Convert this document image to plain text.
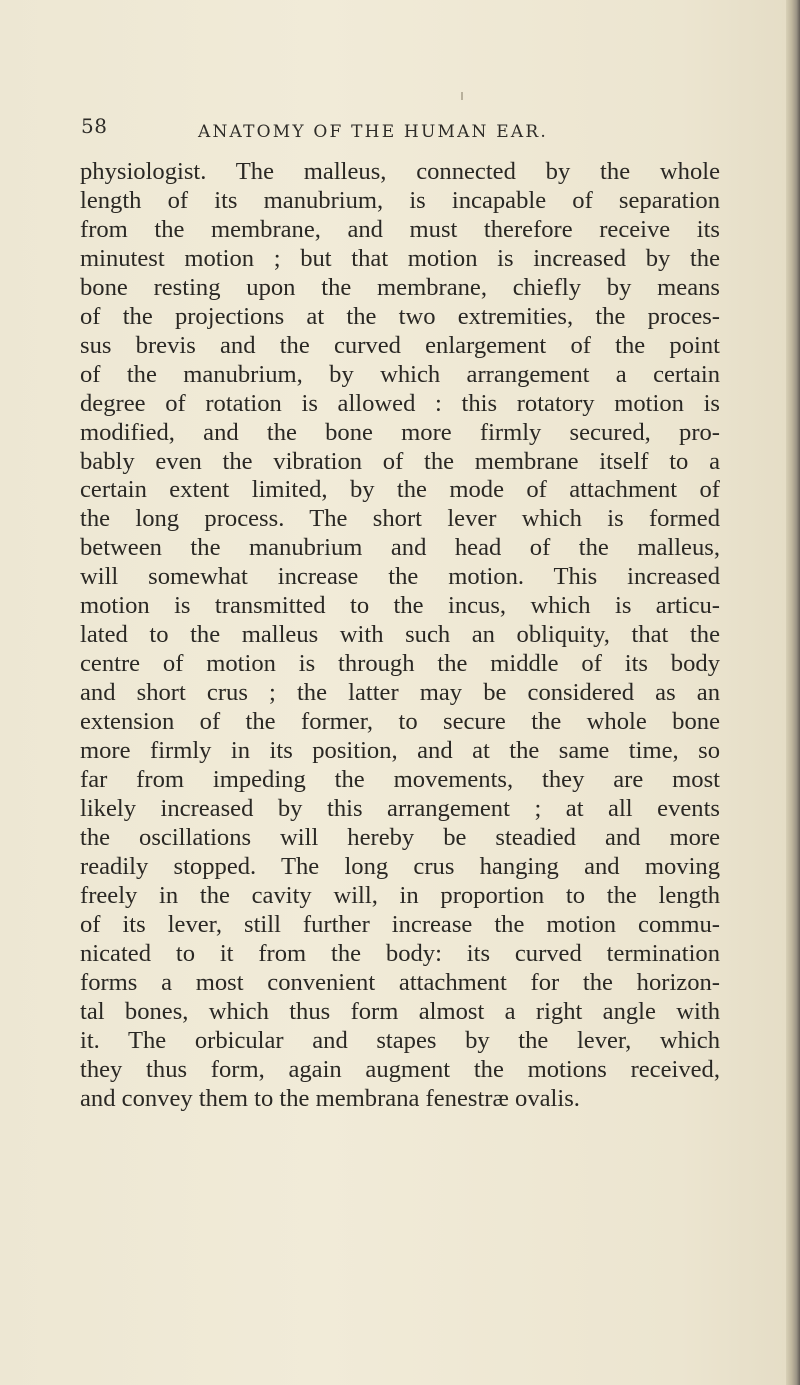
58	ANATOMY OF THE HUMAN EAR.
physiologist. The malleus, connected by the whole
length of its manubrium, is incapable of separation
from the membrane, and must therefore receive its
minutest motion ; but that motion is increased by the
bone resting upon the membrane, chiefly by means
of the projections at the two extremities, the proces-
sus brevis and the curved enlargement of the point
of the manubrium, by which arrangement a certain
degree of rotation is allowed : this rotatory motion is
modified, and the bone more firmly secured, pro-
bably even the vibration of the membrane itself to a
certain extent limited, by the mode of attachment of
the long process. The short lever which is formed
between the manubrium and head of the malleus,
will somewhat increase the motion. This increased
motion is transmitted to the incus, which is articu-
lated to the malleus with such an obliquity, that the
centre of motion is through the middle of its body
and short crus ; the latter may be considered as an
extension of the former, to secure the whole bone
more firmly in its position, and at the same time, so
far from impeding the movements, they are most
likely increased by this arrangement ; at all events
the oscillations will hereby be steadied and more
readily stopped. The long crus hanging and moving
freely in the cavity will, in proportion to the length
of its lever, still further increase the motion commu-
nicated to it from the body: its curved termination
forms a most convenient attachment for the horizon-
tal bones, which thus form almost a right angle with
it. The orbicular and stapes by the lever, which
they thus form, again augment the motions received,
and convey them to the membrana fenestræ ovalis.
